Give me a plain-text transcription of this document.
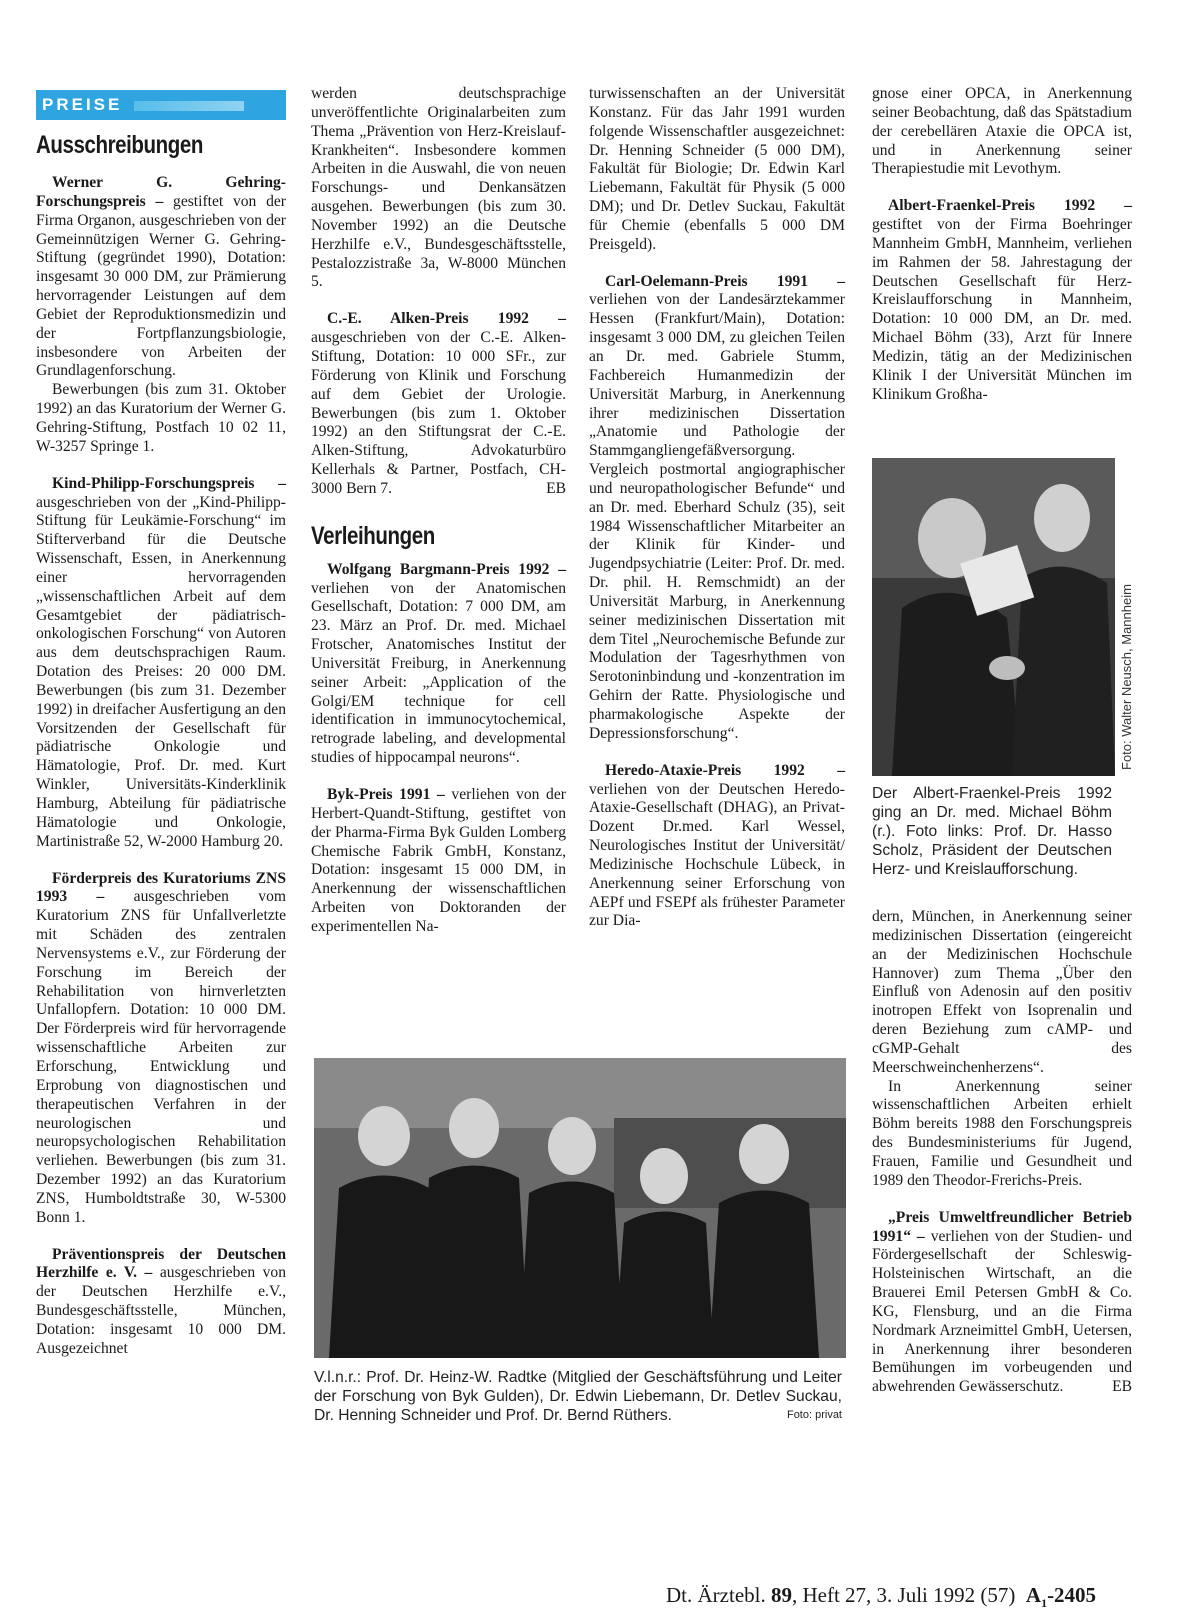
PREISE
Ausschreibungen

Werner G. Gehring-Forschungspreis – gestiftet von der Firma Organon, ausgeschrieben von der Gemeinnützigen Werner G. Gehring-Stiftung (gegründet 1990), Dotation: insgesamt 30 000 DM, zur Prämierung hervorragender Leistungen auf dem Gebiet der Reproduktionsmedizin und der Fortpflanzungsbiologie, insbesondere von Arbeiten der Grundlagenforschung.

Bewerbungen (bis zum 31. Oktober 1992) an das Kuratorium der Werner G. Gehring-Stiftung, Postfach 10 02 11, W-3257 Springe 1.

Kind-Philipp-Forschungspreis – ausgeschrieben von der „Kind-Philipp-Stiftung für Leukämie-Forschung“ im Stifterverband für die Deutsche Wissenschaft, Essen, in Anerkennung einer hervorragenden „wissenschaftlichen Arbeit auf dem Gesamtgebiet der pädiatrisch-onkologischen Forschung“ von Autoren aus dem deutschsprachigen Raum. Dotation des Preises: 20 000 DM. Bewerbungen (bis zum 31. Dezember 1992) in dreifacher Ausfertigung an den Vorsitzenden der Gesellschaft für pädiatrische Onkologie und Hämatologie, Prof. Dr. med. Kurt Winkler, Universitäts-Kinderklinik Hamburg, Abteilung für pädiatrische Hämatologie und Onkologie, Martinistraße 52, W-2000 Hamburg 20.

Förderpreis des Kuratoriums ZNS 1993 – ausgeschrieben vom Kuratorium ZNS für Unfallverletzte mit Schäden des zentralen Nervensystems e.V., zur Förderung der Forschung im Bereich der Rehabilitation von hirnverletzten Unfallopfern. Dotation: 10 000 DM. Der Förderpreis wird für hervorragende wissenschaftliche Arbeiten zur Erforschung, Entwicklung und Erprobung von diagnostischen und therapeutischen Verfahren in der neurologischen und neuropsychologischen Rehabilitation verliehen. Bewerbungen (bis zum 31. Dezember 1992) an das Kuratorium ZNS, Humboldtstraße 30, W-5300 Bonn 1.

Präventionspreis der Deutschen Herzhilfe e. V. – ausgeschrieben von der Deutschen Herzhilfe e.V., Bundesgeschäftsstelle, München, Dotation: insgesamt 10 000 DM. Ausgezeichnet

werden deutschsprachige unveröffentlichte Originalarbeiten zum Thema „Prävention von Herz-Kreislauf-Krankheiten“. Insbesondere kommen Arbeiten in die Auswahl, die von neuen Forschungs- und Denkansätzen ausgehen. Bewerbungen (bis zum 30. November 1992) an die Deutsche Herzhilfe e.V., Bundesgeschäftsstelle, Pestalozzistraße 3a, W-8000 München 5.

C.-E. Alken-Preis 1992 – ausgeschrieben von der C.-E. Alken-Stiftung, Dotation: 10 000 SFr., zur Förderung von Klinik und Forschung auf dem Gebiet der Urologie. Bewerbungen (bis zum 1. Oktober 1992) an den Stiftungsrat der C.-E. Alken-Stiftung, Advokaturbüro Kellerhals & Partner, Postfach, CH-3000 Bern 7.	EB

Verleihungen

Wolfgang Bargmann-Preis 1992 – verliehen von der Anatomischen Gesellschaft, Dotation: 7 000 DM, am 23. März an Prof. Dr. med. Michael Frotscher, Anatomisches Institut der Universität Freiburg, in Anerkennung seiner Arbeit: „Application of the Golgi/EM technique for cell identification in immunocytochemical, retrograde labeling, and developmental studies of hippocampal neurons“.

Byk-Preis 1991 – verliehen von der Herbert-Quandt-Stiftung, gestiftet von der Pharma-Firma Byk Gulden Lomberg Chemische Fabrik GmbH, Konstanz, Dotation: insgesamt 15 000 DM, in Anerkennung der wissenschaftlichen Arbeiten von Doktoranden der experimentellen Na-

turwissenschaften an der Universität Konstanz. Für das Jahr 1991 wurden folgende Wissenschaftler ausgezeichnet: Dr. Henning Schneider (5 000 DM), Fakultät für Biologie; Dr. Edwin Karl Liebemann, Fakultät für Physik (5 000 DM); und Dr. Detlev Suckau, Fakultät für Chemie (ebenfalls 5 000 DM Preisgeld).

Carl-Oelemann-Preis 1991 – verliehen von der Landesärztekammer Hessen (Frankfurt/Main), Dotation: insgesamt 3 000 DM, zu gleichen Teilen an Dr. med. Gabriele Stumm, Fachbereich Humanmedizin der Universität Marburg, in Anerkennung ihrer medizinischen Dissertation „Anatomie und Pathologie der Stammgangliengefäßversorgung. Vergleich postmortal angiographischer und neuropathologischer Befunde“ und an Dr. med. Eberhard Schulz (35), seit 1984 Wissenschaftlicher Mitarbeiter an der Klinik für Kinder- und Jugendpsychiatrie (Leiter: Prof. Dr. med. Dr. phil. H. Remschmidt) an der Universität Marburg, in Anerkennung seiner medizinischen Dissertation mit dem Titel „Neurochemische Befunde zur Modulation der Tagesrhythmen von Serotoninbindung und -konzentration im Gehirn der Ratte. Physiologische und pharmakologische Aspekte der Depressionsforschung“.

Heredo-Ataxie-Preis 1992 – verliehen von der Deutschen Heredo-Ataxie-Gesellschaft (DHAG), an Privat-Dozent Dr.med. Karl Wessel, Neurologisches Institut der Universität/ Medizinische Hochschule Lübeck, in Anerkennung seiner Erforschung von AEPf und FSEPf als frühester Parameter zur Dia-

gnose einer OPCA, in Anerkennung seiner Beobachtung, daß das Spätstadium der cerebellären Ataxie die OPCA ist, und in Anerkennung seiner Therapiestudie mit Levothym.

Albert-Fraenkel-Preis 1992 – gestiftet von der Firma Boehringer Mannheim GmbH, Mannheim, verliehen im Rahmen der 58. Jahrestagung der Deutschen Gesellschaft für Herz-Kreislaufforschung in Mannheim, Dotation: 10 000 DM, an Dr. med. Michael Böhm (33), Arzt für Innere Medizin, tätig an der Medizinischen Klinik I der Universität München im Klinikum Großha-

Foto: Walter Neusch, Mannheim
Der Albert-Fraenkel-Preis 1992 ging an Dr. med. Michael Böhm (r.). Foto links: Prof. Dr. Hasso Scholz, Präsident der Deutschen Herz- und Kreislaufforschung.

dern, München, in Anerkennung seiner medizinischen Dissertation (eingereicht an der Medizinischen Hochschule Hannover) zum Thema „Über den Einfluß von Adenosin auf den positiv inotropen Effekt von Isoprenalin und deren Beziehung zum cAMP- und cGMP-Gehalt des Meerschweinchenherzens“.

In Anerkennung seiner wissenschaftlichen Arbeiten erhielt Böhm bereits 1988 den Forschungspreis des Bundesministeriums für Jugend, Frauen, Familie und Gesundheit und 1989 den Theodor-Frerichs-Preis.

„Preis Umweltfreundlicher Betrieb 1991“ – verliehen von der Studien- und Fördergesellschaft der Schleswig-Holsteinischen Wirtschaft, an die Brauerei Emil Petersen GmbH & Co. KG, Flensburg, und an die Firma Nordmark Arzneimittel GmbH, Uetersen, in Anerkennung ihrer besonderen Bemühungen im vorbeugenden und abwehrenden Gewässerschutz.	EB

V.l.n.r.: Prof. Dr. Heinz-W. Radtke (Mitglied der Geschäftsführung und Leiter der Forschung von Byk Gulden), Dr. Edwin Liebemann, Dr. Detlev Suckau, Dr. Henning Schneider und Prof. Dr. Bernd Rüthers.	Foto: privat
Dt. Ärztebl. 89, Heft 27, 3. Juli 1992 (57) $A_1-2405$
